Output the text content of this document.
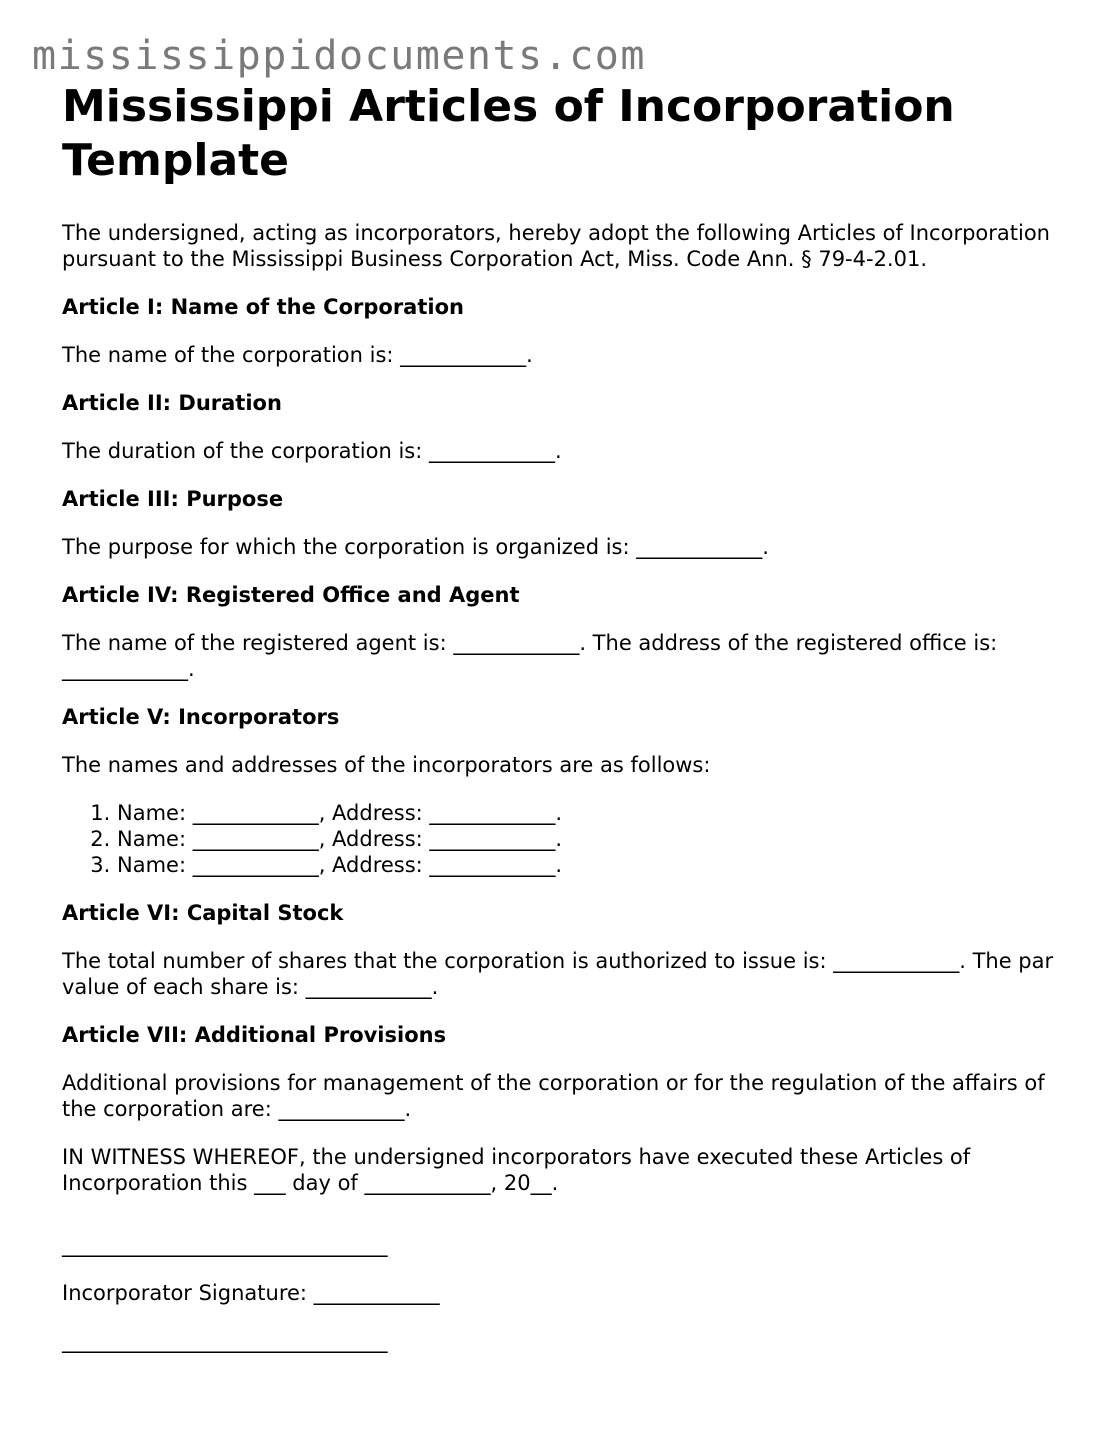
mississippidocuments.com
Mississippi Articles of Incorporation Template

The undersigned, acting as incorporators, hereby adopt the following Articles of Incorporation pursuant to the Mississippi Business Corporation Act, Miss. Code Ann. § 79-4-2.01.

Article I: Name of the Corporation

The name of the corporation is: ____________.

Article II: Duration

The duration of the corporation is: ____________.

Article III: Purpose

The purpose for which the corporation is organized is: ____________.

Article IV: Registered Office and Agent

The name of the registered agent is: ____________. The address of the registered office is: ____________.

Article V: Incorporators

The names and addresses of the incorporators are as follows:

1. Name: ____________, Address: ____________.
2. Name: ____________, Address: ____________.
3. Name: ____________, Address: ____________.
Article VI: Capital Stock

The total number of shares that the corporation is authorized to issue is: ____________. The par value of each share is: ____________.

Article VII: Additional Provisions

Additional provisions for management of the corporation or for the regulation of the affairs of the corporation are: ____________.

IN WITNESS WHEREOF, the undersigned incorporators have executed these Articles of Incorporation this ___ day of ____________, 20__.

_______________________________

Incorporator Signature: ____________

_______________________________
